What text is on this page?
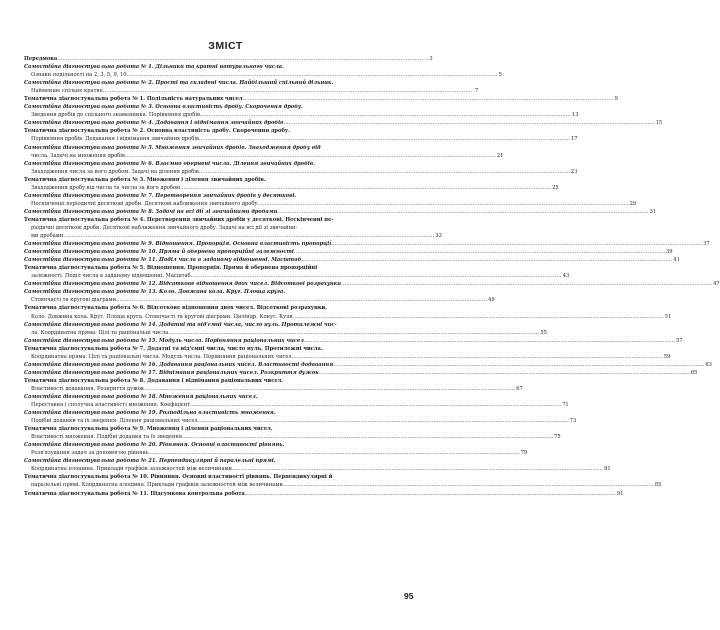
ЗМІСТ
Передмова .....	3
Самостійна діагностувальна робота № 1. Дільники та кратні натурального числа.
Ознаки подільності на 2, 3, 5, 9, 10 .....	5
Самостійна діагностувальна робота № 2. Прості та складені числа. Найбільший спільний дільник.
Найменше спільне кратне .....	7
Тематична діагностувальна робота № 1. Подільність натуральних чисел .....	9
Самостійна діагностувальна робота № 3. Основна властивість дробу. Скорочення дробу.
Зведення дробів до спільного знаменника. Порівняння дробів .....	13
Самостійна діагностувальна робота № 4. Додавання і віднімання звичайних дробів .....	15
Тематична діагностувальна робота № 2. Основна властивість дробу. Скорочення дробу.
Порівняння дробів. Додавання і віднімання звичайних дробів .....	17
Самостійна діагностувальна робота № 5. Множення звичайних дробів. Знаходження дробу від
числа. Задачі на множення дробів .....	21
Самостійна діагностувальна робота № 6. Взаємно обернені числа. Ділення звичайних дробів.
Знаходження числа за його дробом. Задачі на ділення дробів .....	23
Тематична діагностувальна робота № 3. Множення і ділення звичайних дробів.
Знаходження дробу від числа та числа за його дробом .....	25
Самостійна діагностувальна робота № 7. Перетворення звичайних дробів у десяткові.
Нескінченні періодичні десяткові дроби. Десяткові наближення звичайного дробу .....	29
Самостійна діагностувальна робота № 8. Задачі на всі дії зі звичайними дробами .....	31
Тематична діагностувальна робота № 4. Перетворення звичайних дробів у десяткові. Нескінченні пе-
ріодичні десяткові дроби. Десяткові наближення звичайного дробу. Задачі на всі дії зі звичайни-
ми дробами .....	33
Самостійна діагностувальна робота № 9. Відношення. Пропорція. Основна властивість пропорції .....	37
Самостійна діагностувальна робота № 10. Пряма й обернена пропорційні залежності .....	39
Самостійна діагностувальна робота № 11. Поділ числа в заданому відношенні. Масштаб .....	41
Тематична діагностувальна робота № 5. Відношення. Пропорція. Пряма й обернена пропорційні
залежності. Поділ числа в заданому відношенні. Масштаб .....	43
Самостійна діагностувальна робота № 12. Відсоткове відношення двох чисел. Відсоткові розрахунки .....	47
Самостійна діагностувальна робота № 13. Коло. Довжина кола. Круг. Площа круга.
Стовпчасті та кругові діаграми .....	49
Тематична діагностувальна робота № 6. Відсоткове відношення двох чисел. Відсоткові розрахунки.
Коло. Довжина кола. Круг. Площа круга. Стовпчасті та кругові діаграми. Циліндр. Конус. Куля .....	51
Самостійна діагностувальна робота № 14. Додатні та від'ємні числа, число нуль. Протилежні чис-
ла. Координатна пряма. Цілі та раціональні числа .....	55
Самостійна діагностувальна робота № 15. Модуль числа. Порівняння раціональних чисел .....	57
Тематична діагностувальна робота № 7. Додатні та від'ємні числа, число нуль. Протилежні числа.
Координатна пряма. Цілі та раціональні числа. Модуль числа. Порівняння раціональних чисел .....	59
Самостійна діагностувальна робота № 16. Додавання раціональних чисел. Властивості додавання .....	63
Самостійна діагностувальна робота № 17. Віднімання раціональних чисел. Розкриття дужок .....	65
Тематична діагностувальна робота № 8. Додавання і віднімання раціональних чисел.
Властивості додавання. Розкриття дужок .....	67
Самостійна діагностувальна робота № 18. Множення раціональних чисел.
Переставна і сполучна властивості множення. Коефіцієнт .....	71
Самостійна діагностувальна робота № 19. Розподільна властивість множення.
Подібні доданки та їх зведення. Ділення раціональних чисел .....	73
Тематична діагностувальна робота № 9. Множення і ділення раціональних чисел.
Властивості множення. Подібні доданки та їх зведення .....	75
Самостійна діагностувальна робота № 20. Рівняння. Основні властивості рівнянь.
Розв'язування задач за допомогою рівнянь .....	79
Самостійна діагностувальна робота № 21. Перпендикулярні й паралельні прямі.
Координатна площина. Приклади графіків залежностей між величинами .....	81
Тематична діагностувальна робота № 10. Рівняння. Основні властивості рівнянь. Перпендикулярні й
паралельні прямі. Координатна площина. Приклади графіків залежностей між величинами .....	85
Тематична діагностувальна робота № 11. Підсумкова контрольна робота .....	91
95
